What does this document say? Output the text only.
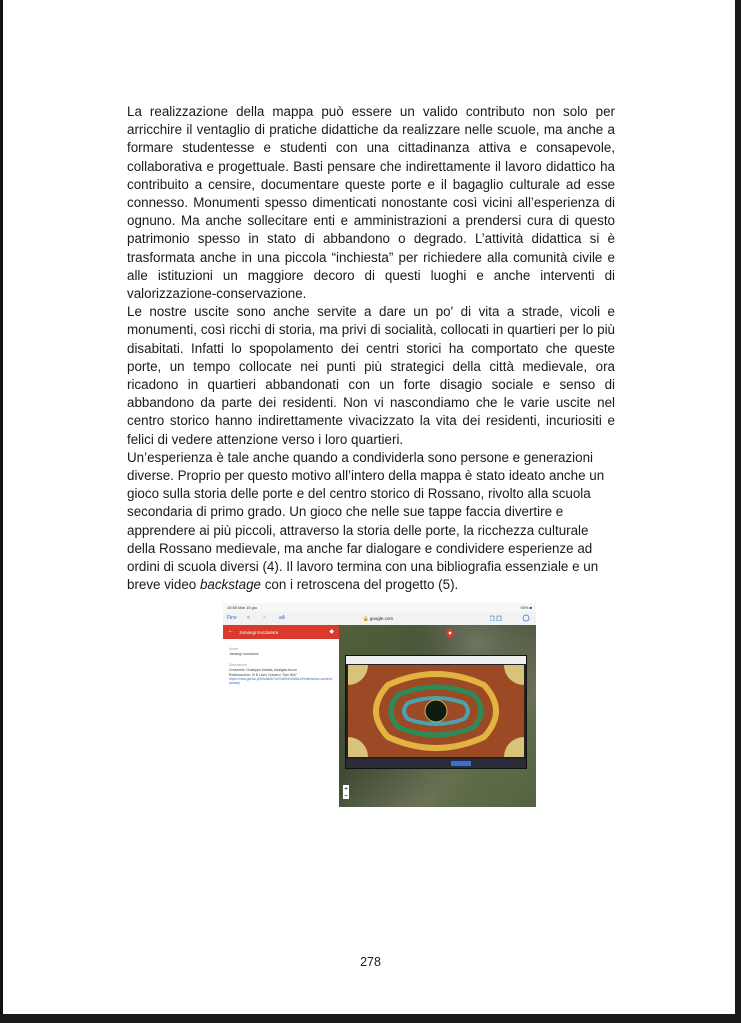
La realizzazione della mappa può essere un valido contributo non solo per arricchire il ventaglio di pratiche didattiche da realizzare nelle scuole, ma anche a formare studentesse e studenti con una cittadinanza attiva e consapevole, collaborativa e progettuale. Basti pensare che indirettamente il lavoro didattico ha contribuito a censire, documentare queste porte e il bagaglio culturale ad esse connesso. Monumenti spesso dimenticati nonostante così vicini all’esperienza di ognuno. Ma anche sollecitare enti e amministrazioni a prendersi cura di questo patrimonio spesso in stato di abbandono o degrado. L’attività didattica si è trasformata anche in una piccola “inchiesta” per richiedere alla comunità civile e alle istituzioni un maggiore decoro di questi luoghi e anche interventi di valorizzazione-conservazione.

Le nostre uscite sono anche servite a dare un po' di vita a strade, vicoli e monumenti, così ricchi di storia, ma privi di socialità, collocati in quartieri per lo più disabitati. Infatti lo spopolamento dei centri storici ha comportato che queste porte, un tempo collocate nei punti più strategici della città medievale, ora ricadono in quartieri abbandonati con un forte disagio sociale e senso di abbandono da parte dei residenti. Non vi nascondiamo che le varie uscite nel centro storico hanno indirettamente vivacizzato la vita dei residenti, incuriositi e felici di vedere attenzione verso i loro quartieri.

Un’esperienza è tale anche quando a condividerla sono persone e generazioni diverse. Proprio per questo motivo all’intero della mappa è stato ideato anche un gioco sulla storia delle porte e del centro storico di Rossano, rivolto alla scuola secondaria di primo grado. Un gioco che nelle sue tappe faccia divertire e apprendere ai più piccoli, attraverso la storia delle porte, la ricchezza culturale della Rossano medievale, ma anche far dialogare e condividere esperienze ad ordini di scuola diversi (4). Il lavoro termina con una bibliografia essenziale e un breve video backstage con i retroscena del progetto (5).

15:55 Mar 15 giu	93% ■
Fine <	>	aA	🔒 google.com
← Jamangi Iroczarisre	◆
Nome
Jamangi Iroczarisre
Descrizione
Creazione: Giuseppe Arianta, Adalgisa Arcuri
Realizzazione: III B Liceo Classico “San Nilo”
https://view.genial.ly/60c8a0b7c4f7a50d0d3f3a1e/interactive-content-jumanji
278
